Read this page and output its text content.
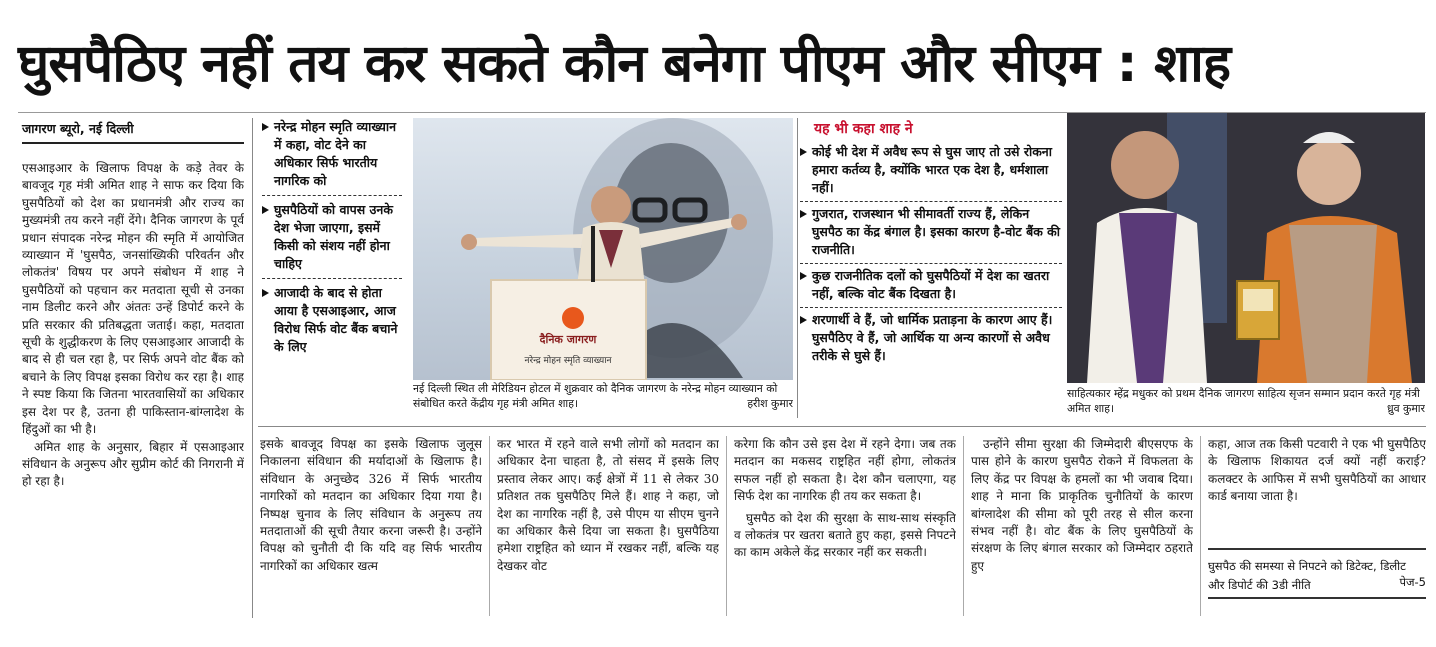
घुसपैठिए नहीं तय कर सकते कौन बनेगा पीएम और सीएम : शाह
जागरण ब्यूरो, नई दिल्ली

एसआइआर के खिलाफ विपक्ष के कड़े तेवर के बावजूद गृह मंत्री अमित शाह ने साफ कर दिया कि घुसपैठियों को देश का प्रधानमंत्री और राज्य का मुख्यमंत्री तय करने नहीं देंगे। दैनिक जागरण के पूर्व प्रधान संपादक नरेन्द्र मोहन की स्मृति में आयोजित व्याख्यान में 'घुसपैठ, जनसांख्यिकी परिवर्तन और लोकतंत्र' विषय पर अपने संबोधन में शाह ने घुसपैठियों को पहचान कर मतदाता सूची से उनका नाम डिलीट करने और अंततः उन्हें डिपोर्ट करने के प्रति सरकार की प्रतिबद्धता जताई। कहा, मतदाता सूची के शुद्धीकरण के लिए एसआइआर आजादी के बाद से ही चल रहा है, पर सिर्फ अपने वोट बैंक को बचाने के लिए विपक्ष इसका विरोध कर रहा है। शाह ने स्पष्ट किया कि जितना भारतवासियों का अधिकार इस देश पर है, उतना ही पाकिस्तान-बांग्लादेश के हिंदुओं का भी है।

अमित शाह के अनुसार, बिहार में एसआइआर संविधान के अनुरूप और सुप्रीम कोर्ट की निगरानी में हो रहा है।

नरेन्द्र मोहन स्मृति व्याख्यान में कहा, वोट देने का अधिकार सिर्फ भारतीय नागरिक को
घुसपैठियों को वापस उनके देश भेजा जाएगा, इसमें किसी को संशय नहीं होना चाहिए
आजादी के बाद से होता आया है एसआइआर, आज विरोध सिर्फ वोट बैंक बचाने के लिए	दैनिक जागरण
नरेन्द्र मोहन स्मृति व्याख्यान
नई दिल्ली स्थित ली मेरिडियन होटल में शुक्रवार को दैनिक जागरण के नरेन्द्र मोहन व्याख्यान को संबोधित करते केंद्रीय गृह मंत्री अमित शाह।	हरीश कुमार
यह भी कहा शाह ने
कोई भी देश में अवैध रूप से घुस जाए तो उसे रोकना हमारा कर्तव्य है, क्योंकि भारत एक देश है, धर्मशाला नहीं।
गुजरात, राजस्थान भी सीमावर्ती राज्य हैं, लेकिन घुसपैठ का केंद्र बंगाल है। इसका कारण है-वोट बैंक की राजनीति।
कुछ राजनीतिक दलों को घुसपैठियों में देश का खतरा नहीं, बल्कि वोट बैंक दिखता है।
शरणार्थी वे हैं, जो धार्मिक प्रताड़ना के कारण आए हैं। घुसपैठिए वे हैं, जो आर्थिक या अन्य कारणों से अवैध तरीके से घुसे हैं।
साहित्यकार म्हेंद्र मधुकर को प्रथम दैनिक जागरण साहित्य सृजन सम्मान प्रदान करते गृह मंत्री अमित शाह।	ध्रुव कुमार

इसके बावजूद विपक्ष का इसके खिलाफ जुलूस निकालना संविधान की मर्यादाओं के खिलाफ है। संविधान के अनुच्छेद 326 में सिर्फ भारतीय नागरिकों को मतदान का अधिकार दिया गया है। निष्पक्ष चुनाव के लिए संविधान के अनुरूप तय मतदाताओं की सूची तैयार करना जरूरी है। उन्होंने विपक्ष को चुनौती दी कि यदि वह सिर्फ भारतीय नागरिकों का अधिकार खत्म

कर भारत में रहने वाले सभी लोगों को मतदान का अधिकार देना चाहता है, तो संसद में इसके लिए प्रस्ताव लेकर आए। कई क्षेत्रों में 11 से लेकर 30 प्रतिशत तक घुसपैठिए मिले हैं। शाह ने कहा, जो देश का नागरिक नहीं है, उसे पीएम या सीएम चुनने का अधिकार कैसे दिया जा सकता है। घुसपैठिया हमेशा राष्ट्रहित को ध्यान में रखकर नहीं, बल्कि यह देखकर वोट

करेगा कि कौन उसे इस देश में रहने देगा। जब तक मतदान का मकसद राष्ट्रहित नहीं होगा, लोकतंत्र सफल नहीं हो सकता है। देश कौन चलाएगा, यह सिर्फ देश का नागरिक ही तय कर सकता है।

घुसपैठ को देश की सुरक्षा के साथ-साथ संस्कृति व लोकतंत्र पर खतरा बताते हुए कहा, इससे निपटने का काम अकेले केंद्र सरकार नहीं कर सकती।

उन्होंने सीमा सुरक्षा की जिम्मेदारी बीएसएफ के पास होने के कारण घुसपैठ रोकने में विफलता के लिए केंद्र पर विपक्ष के हमलों का भी जवाब दिया। शाह ने माना कि प्राकृतिक चुनौतियों के कारण बांग्लादेश की सीमा को पूरी तरह से सील करना संभव नहीं है। वोट बैंक के लिए घुसपैठियों के संरक्षण के लिए बंगाल सरकार को जिम्मेदार ठहराते हुए

कहा, आज तक किसी पटवारी ने एक भी घुसपैठिए के खिलाफ शिकायत दर्ज क्यों नहीं कराई? कलक्टर के आफिस में सभी घुसपैठियों का आधार कार्ड बनाया जाता है।

घुसपैठ की समस्या से निपटने को डिटेक्ट, डिलीट और डिपोर्ट की 3डी नीति	पेज-5
